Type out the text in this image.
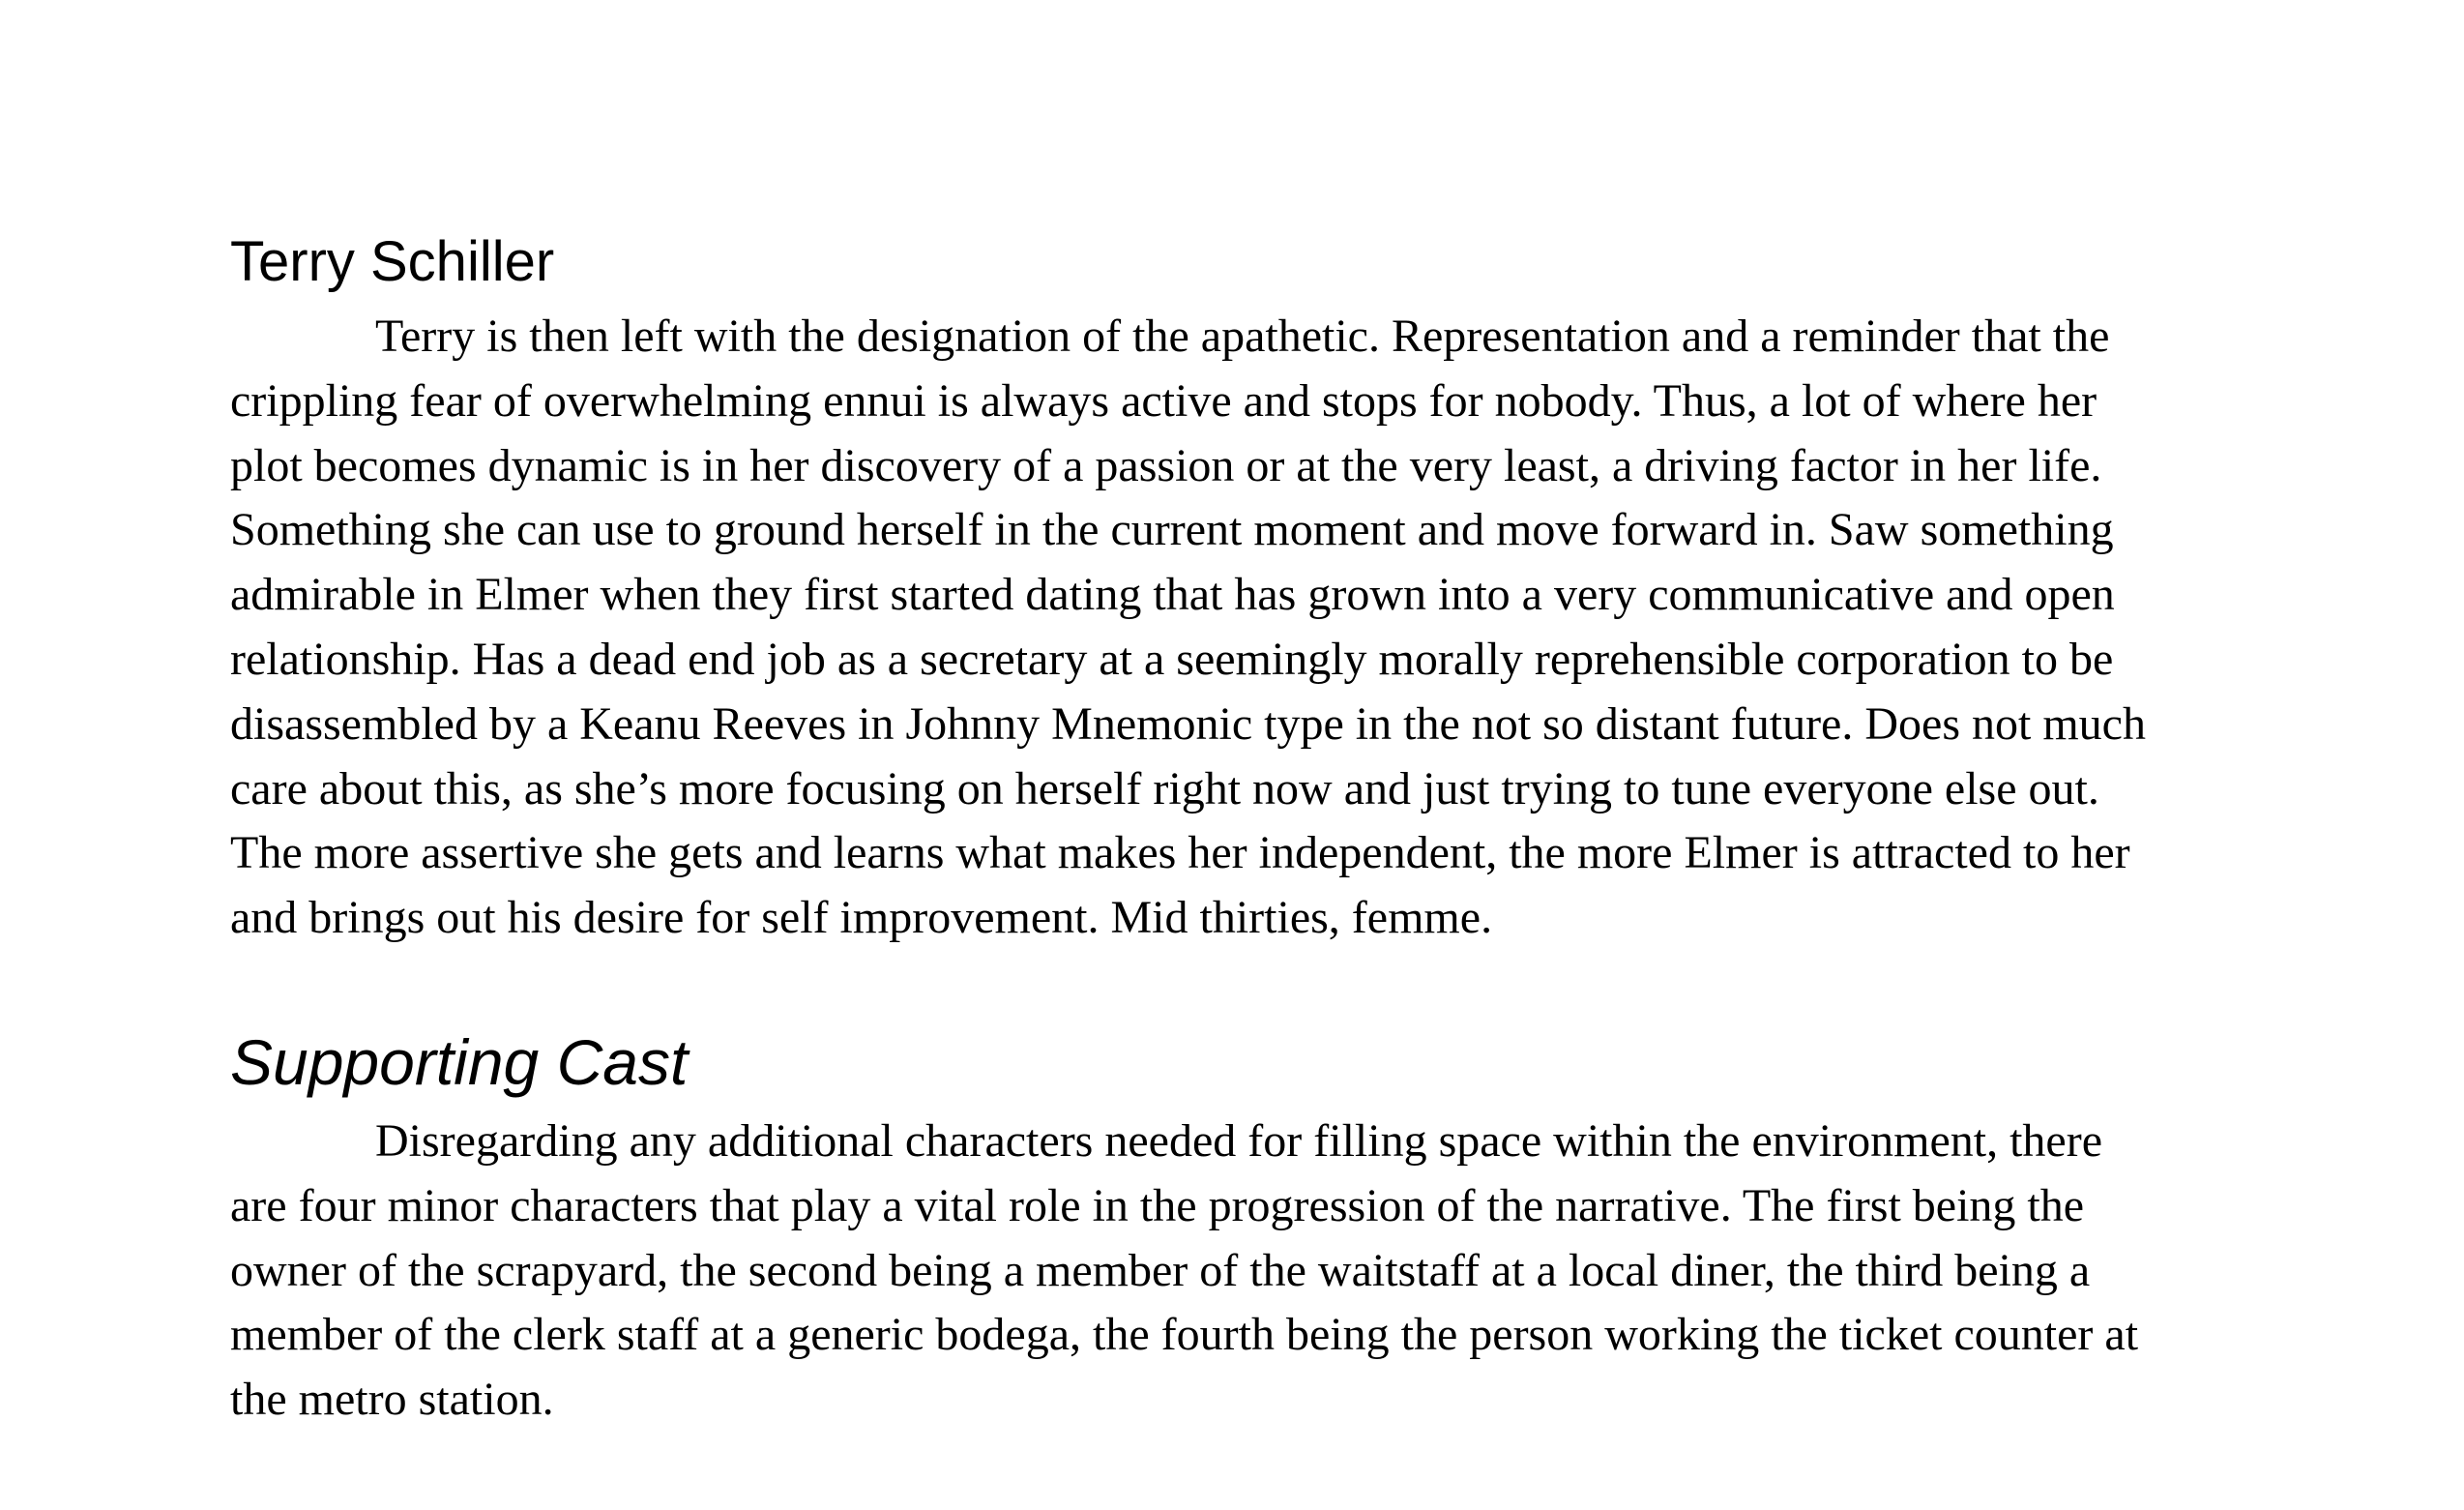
Terry Schiller
Terry is then left with the designation of the apathetic. Representation and a reminder that the
crippling fear of overwhelming ennui is always active and stops for nobody. Thus, a lot of where her
plot becomes dynamic is in her discovery of a passion or at the very least, a driving factor in her life.
Something she can use to ground herself in the current moment and move forward in. Saw something
admirable in Elmer when they first started dating that has grown into a very communicative and open
relationship. Has a dead end job as a secretary at a seemingly morally reprehensible corporation to be
disassembled by a Keanu Reeves in Johnny Mnemonic type in the not so distant future. Does not much
care about this, as she’s more focusing on herself right now and just trying to tune everyone else out.
The more assertive she gets and learns what makes her independent, the more Elmer is attracted to her
and brings out his desire for self improvement. Mid thirties, femme.
Supporting Cast
Disregarding any additional characters needed for filling space within the environment, there
are four minor characters that play a vital role in the progression of the narrative. The first being the
owner of the scrapyard, the second being a member of the waitstaff at a local diner, the third being a
member of the clerk staff at a generic bodega, the fourth being the person working the ticket counter at
the metro station.
